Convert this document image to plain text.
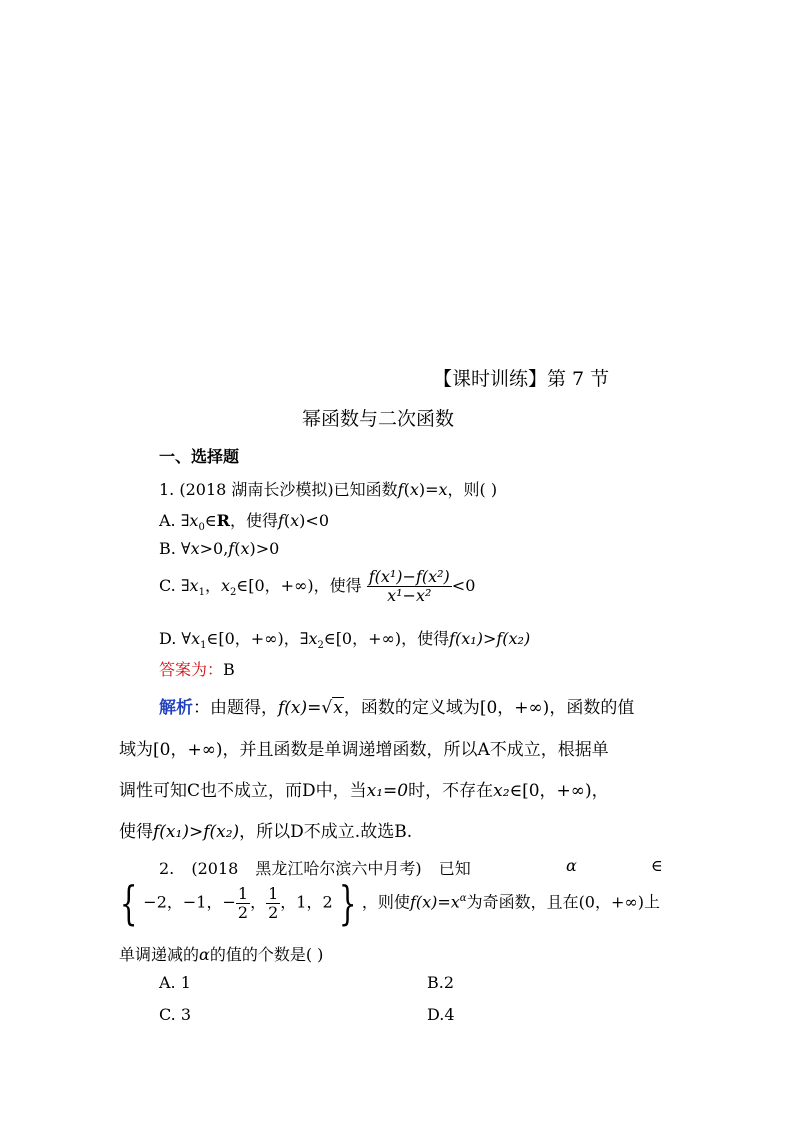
【课时训练】第 7 节
幂函数与二次函数
一、选择题
1. (2018 湖南长沙模拟)已知函数f(x)=x，则( )
A. $\exists x_0\in R$，使得f(x)<0
B. ∀x>0,f(x)>0
C. $\exists x_1$，$x_2\in[0$，+∞)，使得 $\frac{\text{f(x¹)−f(x²)}}{\text{x¹−x²}} <0$
D. $\forall x_1\in[0$，+∞)，$\exists x_2\in[0$，+∞)，使得f(x₁)>f(x₂)
答案为：B
解析：由题得，f(x)=√x，函数的定义域为[0，+∞)，函数的值
域为[0，+∞)，并且函数是单调递增函数，所以A不成立，根据单
调性可知C也不成立，而D中，当x₁=0时，不存在x₂∈[0，+∞)，
使得f(x₁)>f(x₂)，所以D不成立.故选B.
2. (2018 黑龙江哈尔滨六中月考) 已知	α	∈
{ −2，−1，− $\frac{1}{2}$ ， $\frac{1}{2}$ ，1，2 } ，则使$f(x)=x^\alpha$为奇函数，且在(0，+∞)上
单调递减的α的值的个数是( )
A. 1	B.2
C. 3	D.4
